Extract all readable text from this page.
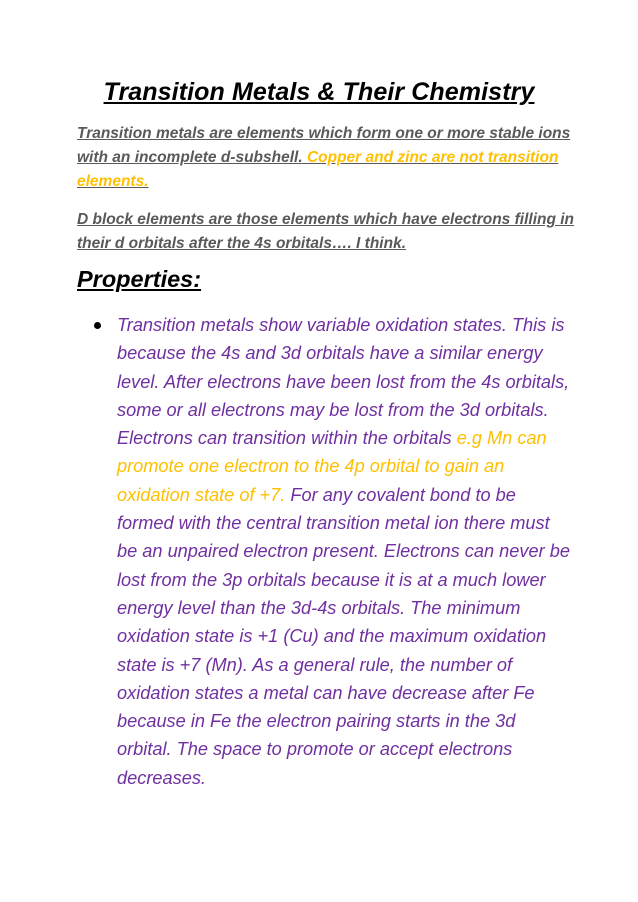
Transition Metals & Their Chemistry
Transition metals are elements which form one or more stable ions with an incomplete d-subshell. Copper and zinc are not transition elements.
D block elements are those elements which have electrons filling in their d orbitals after the 4s orbitals…. I think.
Properties:
Transition metals show variable oxidation states. This is because the 4s and 3d orbitals have a similar energy level. After electrons have been lost from the 4s orbitals, some or all electrons may be lost from the 3d orbitals. Electrons can transition within the orbitals e.g Mn can promote one electron to the 4p orbital to gain an oxidation state of +7. For any covalent bond to be formed with the central transition metal ion there must be an unpaired electron present. Electrons can never be lost from the 3p orbitals because it is at a much lower energy level than the 3d-4s orbitals. The minimum oxidation state is +1 (Cu) and the maximum oxidation state is +7 (Mn). As a general rule, the number of oxidation states a metal can have decrease after Fe because in Fe the electron pairing starts in the 3d orbital. The space to promote or accept electrons decreases.
